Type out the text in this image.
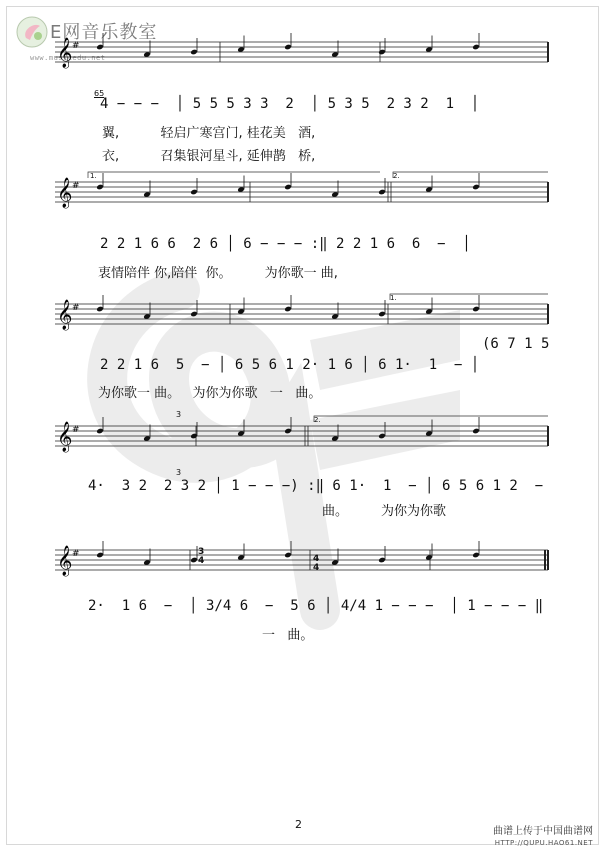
E网音乐教室
www.musicedu.net
𝄞 #
𝄞 #
𝄞 #
𝄞 #
𝄞 #
65
4 − − −  │ 5 5 5 3 3  2  │ 5 3 5  2 3 2  1  │
翼,          轻启广寒宫门, 桂花美   酒,
衣,          召集银河星斗, 延伸鹊   桥,
1.	2.
2 2 1 6 6  2 6 │ 6 − − − :‖ 2 2 1 6  6  −  │
衷情陪伴 你,陪伴  你。        为你歌一 曲,
1.
2 2 1 6  5  − │ 6 5 6 1 2· 1 6 │ 6 1·  1  − │
(6 7 1 5
为你歌一 曲。   为你为你歌   一   曲。
3
2.
3
4·  3 2  2 3 2 │ 1 − − −) :‖ 6 1·  1  − │ 6 5 6 1 2  −
曲。        为你为你歌
2·  1 6  −  │ 3/4 6  −  5 6 │ 4/4 1 − − −  │ 1 − − − ‖
一   曲。
3
4	4
4
2
曲谱上传于中国曲谱网
HTTP://QUPU.HAO61.NET
